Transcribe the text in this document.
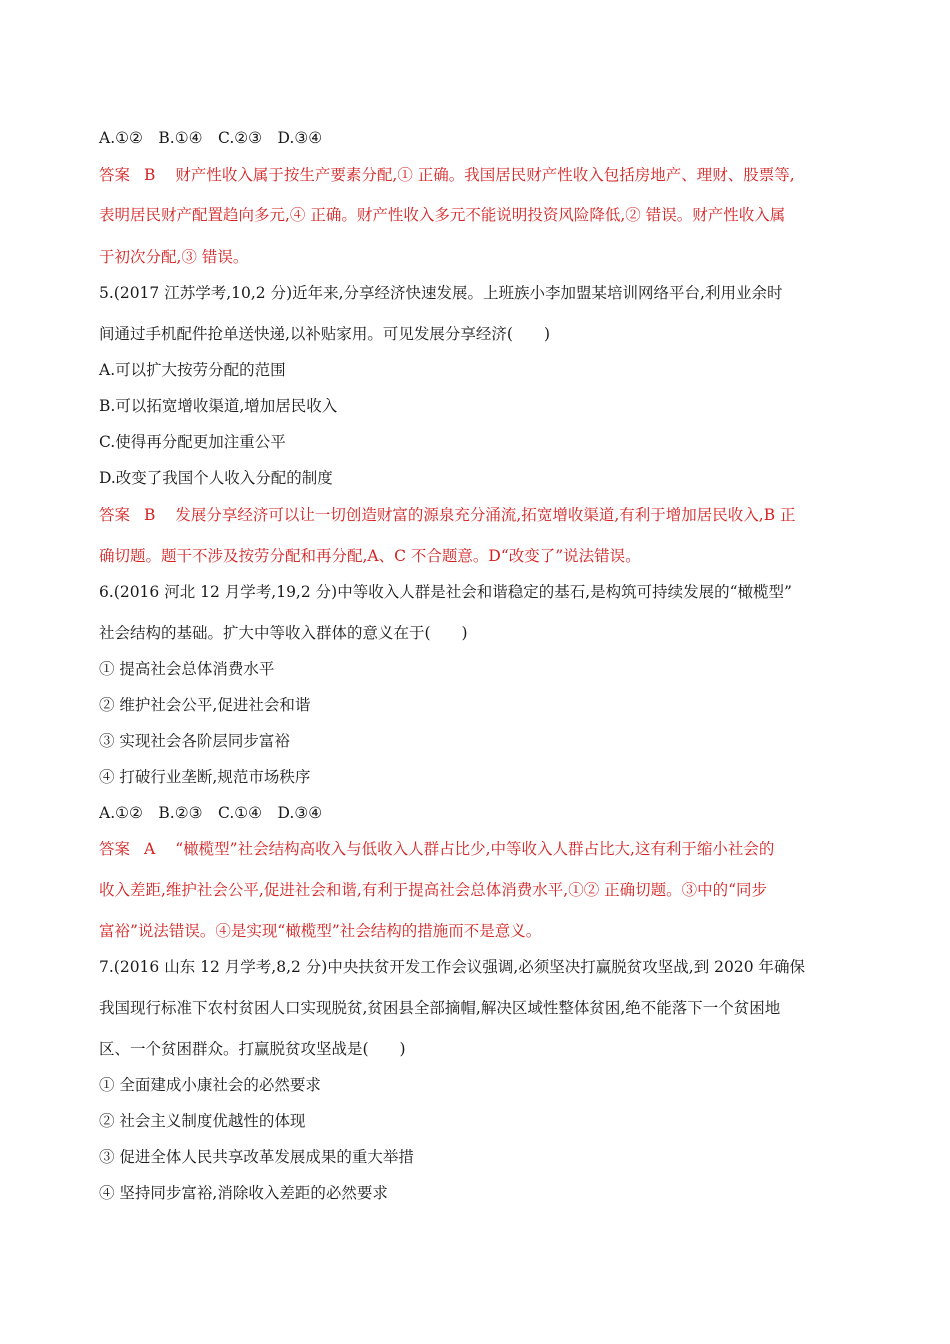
A.①②　B.①④　C.②③　D.③④
答案 B 财产性收入属于按生产要素分配,① 正确。我国居民财产性收入包括房地产、理财、股票等,
表明居民财产配置趋向多元,④ 正确。财产性收入多元不能说明投资风险降低,② 错误。财产性收入属
于初次分配,③ 错误。
5.(2017 江苏学考,10,2 分)近年来,分享经济快速发展。上班族小李加盟某培训网络平台,利用业余时
间通过手机配件抢单送快递,以补贴家用。可见发展分享经济(　　)
A.可以扩大按劳分配的范围
B.可以拓宽增收渠道,增加居民收入
C.使得再分配更加注重公平
D.改变了我国个人收入分配的制度
答案 B 发展分享经济可以让一切创造财富的源泉充分涌流,拓宽增收渠道,有利于增加居民收入,B 正
确切题。题干不涉及按劳分配和再分配,A、C 不合题意。D“改变了”说法错误。
6.(2016 河北 12 月学考,19,2 分)中等收入人群是社会和谐稳定的基石,是构筑可持续发展的“橄榄型”
社会结构的基础。扩大中等收入群体的意义在于(　　)
① 提高社会总体消费水平
② 维护社会公平,促进社会和谐
③ 实现社会各阶层同步富裕
④ 打破行业垄断,规范市场秩序
A.①②　B.②③　C.①④　D.③④
答案 A “橄榄型”社会结构高收入与低收入人群占比少,中等收入人群占比大,这有利于缩小社会的
收入差距,维护社会公平,促进社会和谐,有利于提高社会总体消费水平,①② 正确切题。③中的“同步
富裕”说法错误。④是实现“橄榄型”社会结构的措施而不是意义。
7.(2016 山东 12 月学考,8,2 分)中央扶贫开发工作会议强调,必须坚决打赢脱贫攻坚战,到 2020 年确保
我国现行标准下农村贫困人口实现脱贫,贫困县全部摘帽,解决区域性整体贫困,绝不能落下一个贫困地
区、一个贫困群众。打赢脱贫攻坚战是(　　)
① 全面建成小康社会的必然要求
② 社会主义制度优越性的体现
③ 促进全体人民共享改革发展成果的重大举措
④ 坚持同步富裕,消除收入差距的必然要求
